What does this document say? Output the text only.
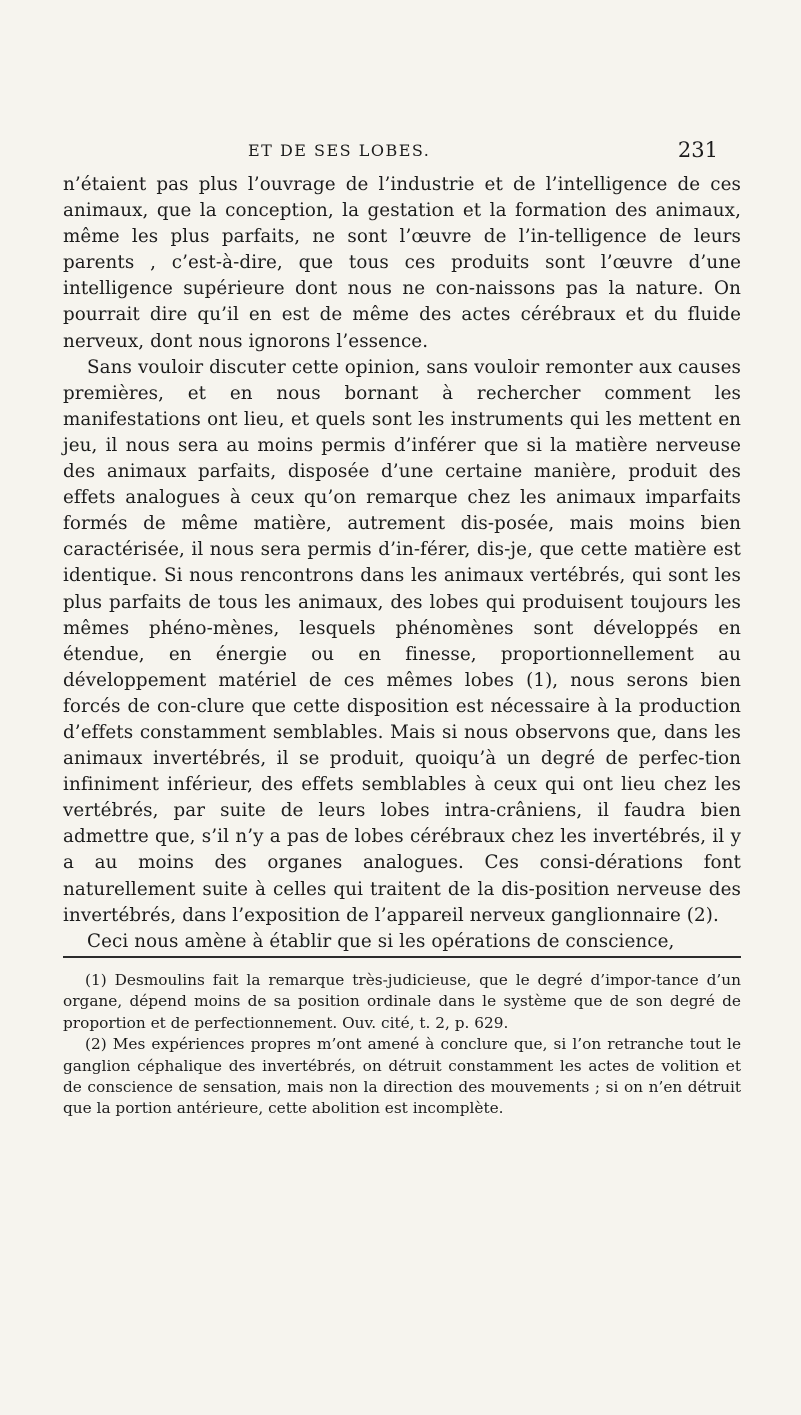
ET DE SES LOBES.	231

n’étaient pas plus l’ouvrage de l’industrie et de l’intelligence de ces animaux, que la conception, la gestation et la formation des animaux, même les plus parfaits, ne sont l’œuvre de l’in-telligence de leurs parents , c’est-à-dire, que tous ces produits sont l’œuvre d’une intelligence supérieure dont nous ne con-naissons pas la nature. On pourrait dire qu’il en est de même des actes cérébraux et du fluide nerveux, dont nous ignorons l’essence.

Sans vouloir discuter cette opinion, sans vouloir remonter aux causes premières, et en nous bornant à rechercher comment les manifestations ont lieu, et quels sont les instruments qui les mettent en jeu, il nous sera au moins permis d’inférer que si la matière nerveuse des animaux parfaits, disposée d’une certaine manière, produit des effets analogues à ceux qu’on remarque chez les animaux imparfaits formés de même matière, autrement dis-posée, mais moins bien caractérisée, il nous sera permis d’in-férer, dis-je, que cette matière est identique. Si nous rencontrons dans les animaux vertébrés, qui sont les plus parfaits de tous les animaux, des lobes qui produisent toujours les mêmes phéno-mènes, lesquels phénomènes sont développés en étendue, en énergie ou en finesse, proportionnellement au développement matériel de ces mêmes lobes (1), nous serons bien forcés de con-clure que cette disposition est nécessaire à la production d’effets constamment semblables. Mais si nous observons que, dans les animaux invertébrés, il se produit, quoiqu’à un degré de perfec-tion infiniment inférieur, des effets semblables à ceux qui ont lieu chez les vertébrés, par suite de leurs lobes intra-crâniens, il faudra bien admettre que, s’il n’y a pas de lobes cérébraux chez les invertébrés, il y a au moins des organes analogues. Ces consi-dérations font naturellement suite à celles qui traitent de la dis-position nerveuse des invertébrés, dans l’exposition de l’appareil nerveux ganglionnaire (2).

Ceci nous amène à établir que si les opérations de conscience,

(1) Desmoulins fait la remarque très-judicieuse, que le degré d’impor-tance d’un organe, dépend moins de sa position ordinale dans le système que de son degré de proportion et de perfectionnement. Ouv. cité, t. 2, p. 629.

(2) Mes expériences propres m’ont amené à conclure que, si l’on retranche tout le ganglion céphalique des invertébrés, on détruit constamment les actes de volition et de conscience de sensation, mais non la direction des mouvements ; si on n’en détruit que la portion antérieure, cette abolition est incomplète.
